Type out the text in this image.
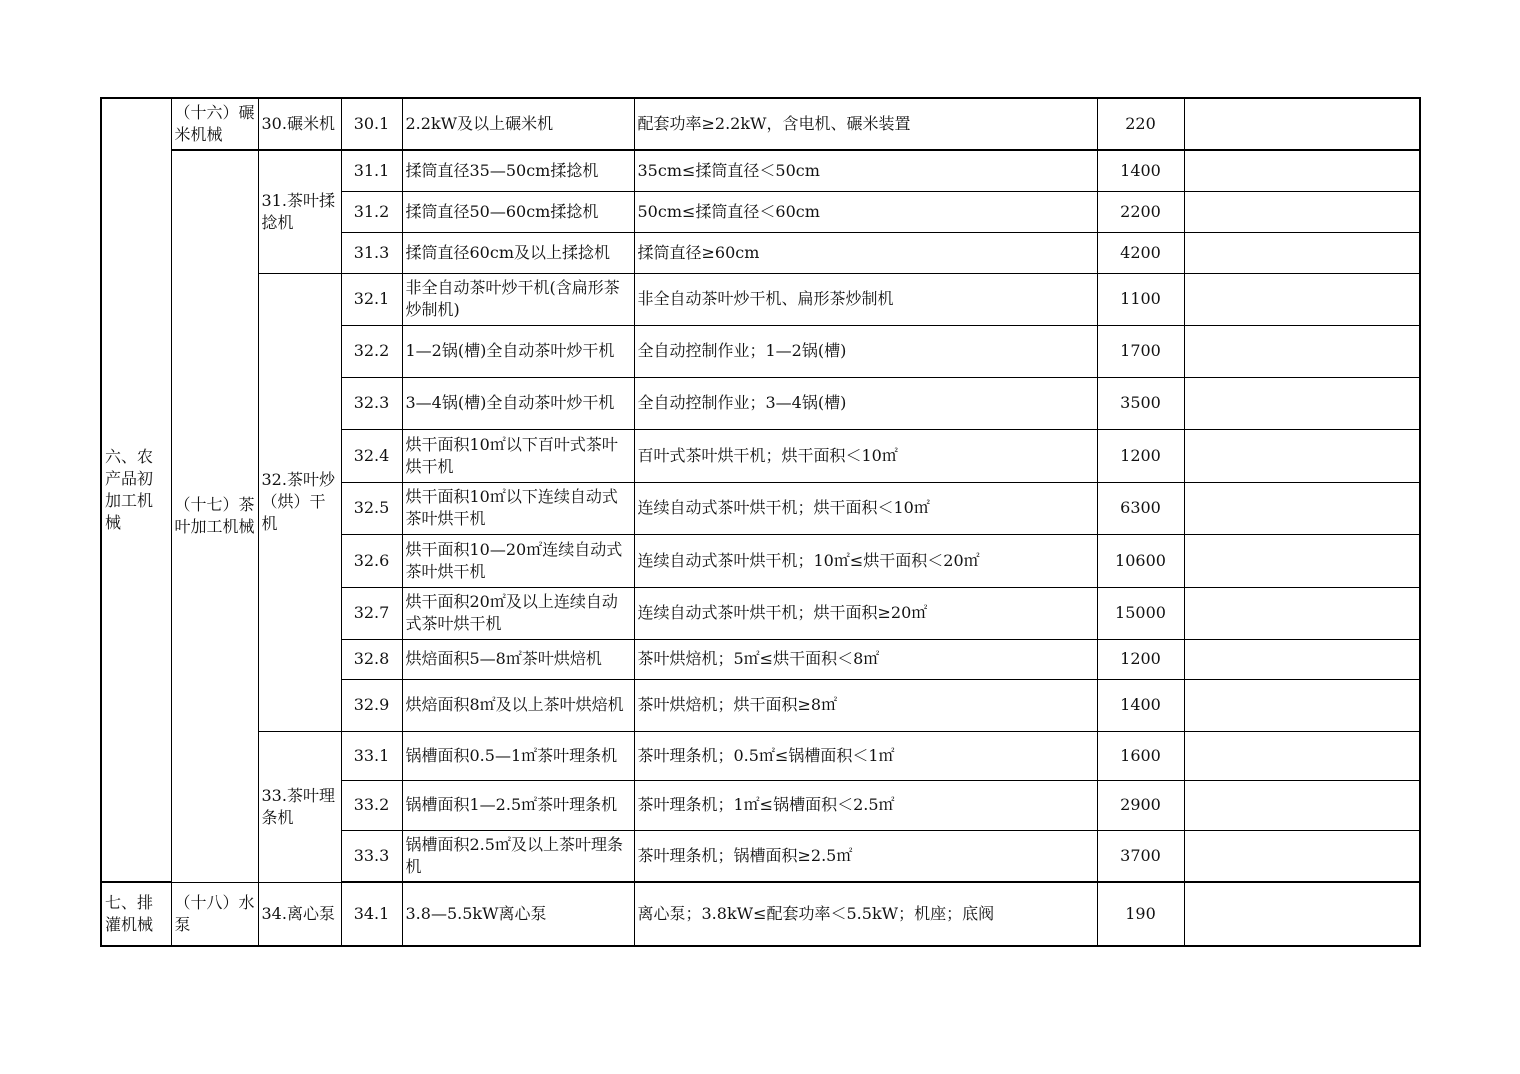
六、农产品初加工机械	（十六）碾米机械	30.碾米机	30.1	2.2kW及以上碾米机	配套功率≥2.2kW，含电机、碾米装置	220	
	（十七）茶叶加工机械	31.茶叶揉捻机	31.1	揉筒直径35—50cm揉捻机	35cm≤揉筒直径＜50cm	1400	
			31.2	揉筒直径50—60cm揉捻机	50cm≤揉筒直径＜60cm	2200	
			31.3	揉筒直径60cm及以上揉捻机	揉筒直径≥60cm	4200	
		32.茶叶炒（烘）干机	32.1	非全自动茶叶炒干机(含扁形茶炒制机)	非全自动茶叶炒干机、扁形茶炒制机	1100	
			32.2	1—2锅(槽)全自动茶叶炒干机	全自动控制作业；1—2锅(槽)	1700	
			32.3	3—4锅(槽)全自动茶叶炒干机	全自动控制作业；3—4锅(槽)	3500	
			32.4	烘干面积10㎡以下百叶式茶叶烘干机	百叶式茶叶烘干机；烘干面积＜10㎡	1200	
			32.5	烘干面积10㎡以下连续自动式茶叶烘干机	连续自动式茶叶烘干机；烘干面积＜10㎡	6300	
			32.6	烘干面积10—20㎡连续自动式茶叶烘干机	连续自动式茶叶烘干机；10㎡≤烘干面积＜20㎡	10600	
			32.7	烘干面积20㎡及以上连续自动式茶叶烘干机	连续自动式茶叶烘干机；烘干面积≥20㎡	15000	
			32.8	烘焙面积5—8㎡茶叶烘焙机	茶叶烘焙机；5㎡≤烘干面积＜8㎡	1200	
			32.9	烘焙面积8㎡及以上茶叶烘焙机	茶叶烘焙机；烘干面积≥8㎡	1400	
		33.茶叶理条机	33.1	锅槽面积0.5—1㎡茶叶理条机	茶叶理条机；0.5㎡≤锅槽面积＜1㎡	1600	
			33.2	锅槽面积1—2.5㎡茶叶理条机	茶叶理条机；1㎡≤锅槽面积＜2.5㎡	2900	
			33.3	锅槽面积2.5㎡及以上茶叶理条机	茶叶理条机；锅槽面积≥2.5㎡	3700	
七、排灌机械	（十八）水泵	34.离心泵	34.1	3.8—5.5kW离心泵	离心泵；3.8kW≤配套功率＜5.5kW；机座；底阀	190	
